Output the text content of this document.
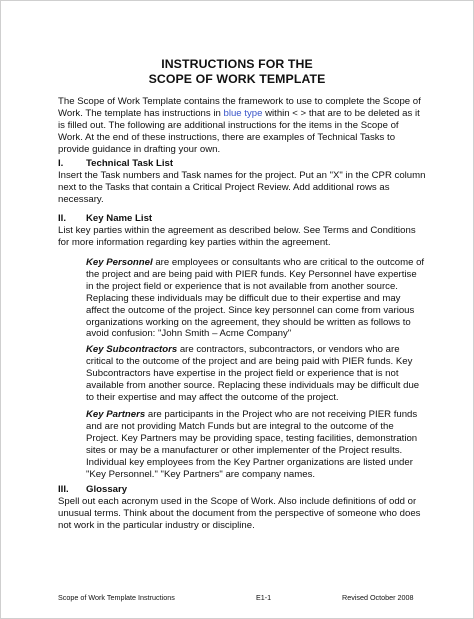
INSTRUCTIONS FOR THE
SCOPE OF WORK TEMPLATE

The Scope of Work Template contains the framework to use to complete the Scope of Work. The template has instructions in blue type within < > that are to be deleted as it is filled out. The following are additional instructions for the items in the Scope of Work. At the end of these instructions, there are examples of Technical Tasks to provide guidance in drafting your own.

I. Technical Task List

Insert the Task numbers and Task names for the project. Put an "X" in the CPR column next to the Tasks that contain a Critical Project Review. Add additional rows as necessary.

II. Key Name List

List key parties within the agreement as described below. See Terms and Conditions for more information regarding key parties within the agreement.

Key Personnel are employees or consultants who are critical to the outcome of the project and are being paid with PIER funds. Key Personnel have expertise in the project field or experience that is not available from another source. Replacing these individuals may be difficult due to their expertise and may affect the outcome of the project. Since key personnel can come from various organizations working on the agreement, they should be written as follows to avoid confusion: "John Smith – Acme Company"

Key Subcontractors are contractors, subcontractors, or vendors who are critical to the outcome of the project and are being paid with PIER funds. Key Subcontractors have expertise in the project field or experience that is not available from another source. Replacing these individuals may be difficult due to their expertise and may affect the outcome of the project.

Key Partners are participants in the Project who are not receiving PIER funds and are not providing Match Funds but are integral to the outcome of the Project. Key Partners may be providing space, testing facilities, demonstration sites or may be a manufacturer or other implementer of the Project results. Individual key employees from the Key Partner organizations are listed under "Key Personnel." "Key Partners" are company names.

III. Glossary

Spell out each acronym used in the Scope of Work. Also include definitions of odd or unusual terms. Think about the document from the perspective of someone who does not work in the particular industry or discipline.

Scope of Work Template Instructions	E1-1	Revised October 2008
